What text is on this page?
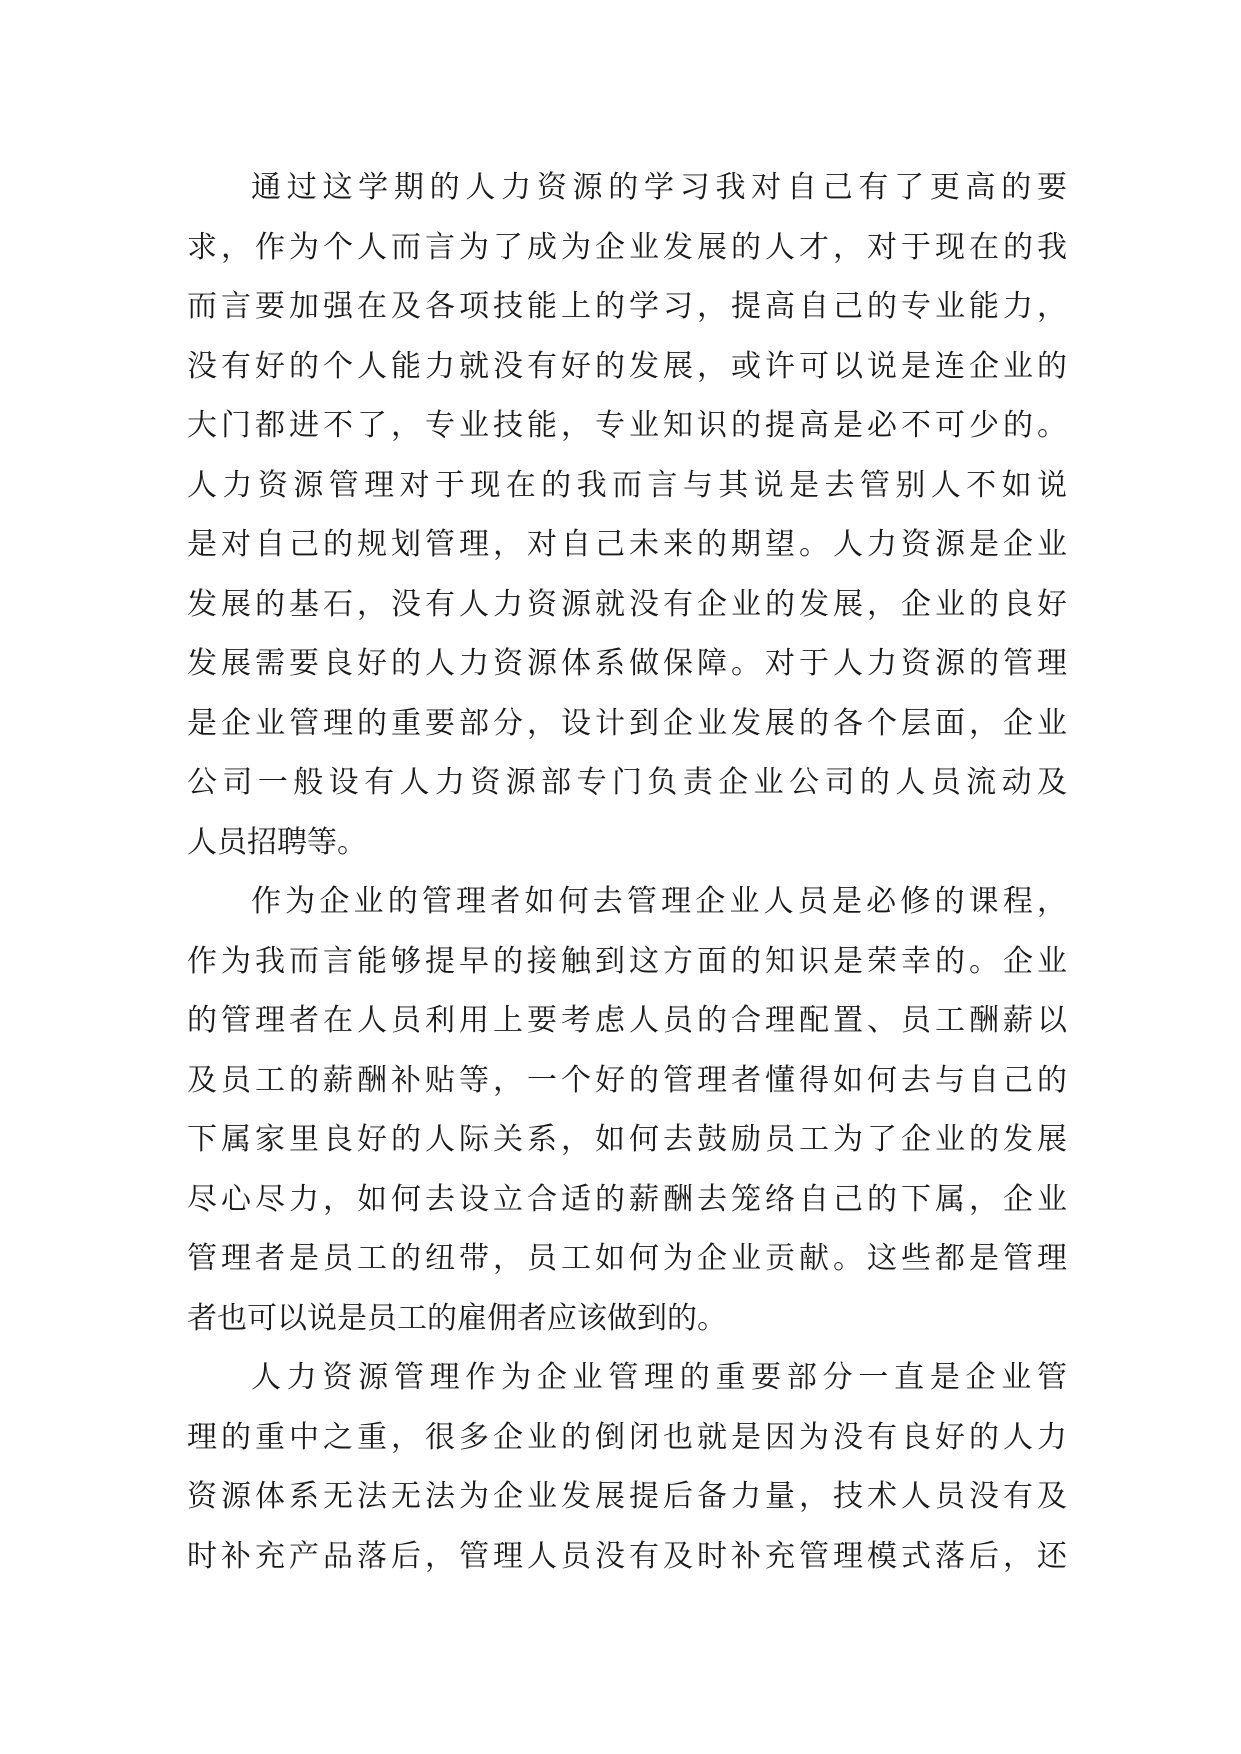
通过这学期的人力资源的学习我对自己有了更高的要
求，作为个人而言为了成为企业发展的人才，对于现在的我
而言要加强在及各项技能上的学习，提高自己的专业能力，
没有好的个人能力就没有好的发展，或许可以说是连企业的
大门都进不了，专业技能，专业知识的提高是必不可少的。
人力资源管理对于现在的我而言与其说是去管别人不如说
是对自己的规划管理，对自己未来的期望。人力资源是企业
发展的基石，没有人力资源就没有企业的发展，企业的良好
发展需要良好的人力资源体系做保障。对于人力资源的管理
是企业管理的重要部分，设计到企业发展的各个层面，企业
公司一般设有人力资源部专门负责企业公司的人员流动及
人员招聘等。
作为企业的管理者如何去管理企业人员是必修的课程，
作为我而言能够提早的接触到这方面的知识是荣幸的。企业
的管理者在人员利用上要考虑人员的合理配置、员工酬薪以
及员工的薪酬补贴等，一个好的管理者懂得如何去与自己的
下属家里良好的人际关系，如何去鼓励员工为了企业的发展
尽心尽力，如何去设立合适的薪酬去笼络自己的下属，企业
管理者是员工的纽带，员工如何为企业贡献。这些都是管理
者也可以说是员工的雇佣者应该做到的。
人力资源管理作为企业管理的重要部分一直是企业管
理的重中之重，很多企业的倒闭也就是因为没有良好的人力
资源体系无法无法为企业发展提后备力量，技术人员没有及
时补充产品落后，管理人员没有及时补充管理模式落后，还
